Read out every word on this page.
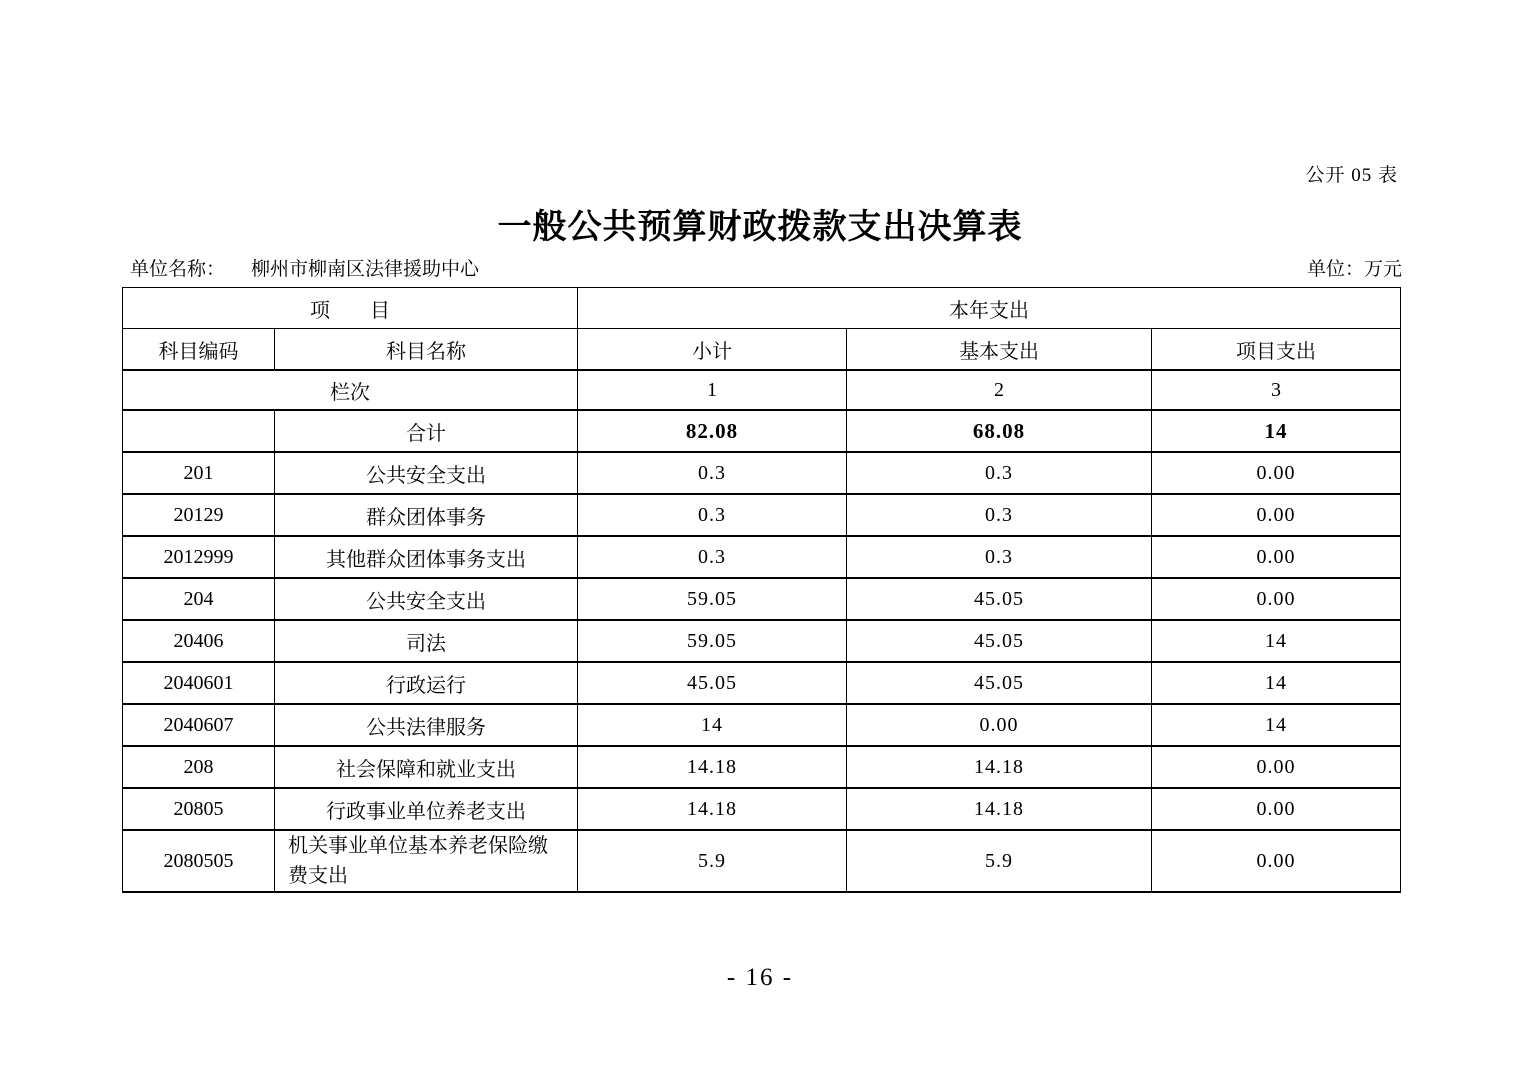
公开 05 表
一般公共预算财政拨款支出决算表
单位名称： 柳州市柳南区法律援助中心	单位：万元
项　　目		本年支出		
科目编码	科目名称	小计	基本支出	项目支出
栏次		1	2	3
	合计	82.08	68.08	14
201	公共安全支出	0.3	0.3	0.00
20129	群众团体事务	0.3	0.3	0.00
2012999	其他群众团体事务支出	0.3	0.3	0.00
204	公共安全支出	59.05	45.05	0.00
20406	司法	59.05	45.05	14
2040601	行政运行	45.05	45.05	14
2040607	公共法律服务	14	0.00	14
208	社会保障和就业支出	14.18	14.18	0.00
20805	行政事业单位养老支出	14.18	14.18	0.00
2080505	机关事业单位基本养老保险缴费支出	5.9	5.9	0.00
- 16 -
